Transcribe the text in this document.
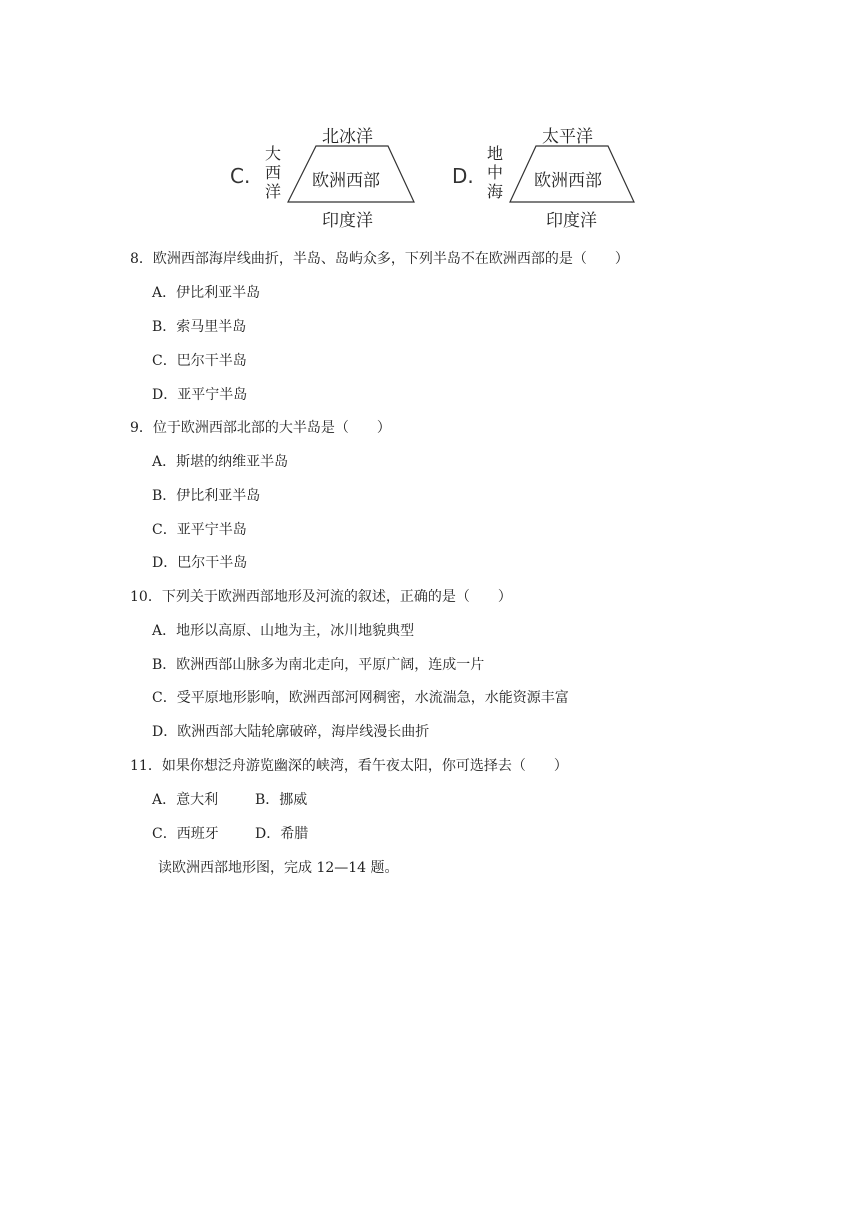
C.
大
西
洋
北冰洋
欧洲西部
印度洋
D.
地
中
海
太平洋
欧洲西部
印度洋
8．欧洲西部海岸线曲折，半岛、岛屿众多，下列半岛不在欧洲西部的是（　　）
A．伊比利亚半岛
B．索马里半岛
C．巴尔干半岛
D．亚平宁半岛
9．位于欧洲西部北部的大半岛是（　　）
A．斯堪的纳维亚半岛
B．伊比利亚半岛
C．亚平宁半岛
D．巴尔干半岛
10．下列关于欧洲西部地形及河流的叙述，正确的是（　　）
A．地形以高原、山地为主，冰川地貌典型
B．欧洲西部山脉多为南北走向，平原广阔，连成一片
C．受平原地形影响，欧洲西部河网稠密，水流湍急，水能资源丰富
D．欧洲西部大陆轮廓破碎，海岸线漫长曲折
11．如果你想泛舟游览幽深的峡湾，看午夜太阳，你可选择去（　　）
A．意大利	B．挪威
C．西班牙	D．希腊
读欧洲西部地形图，完成 12—14 题。
